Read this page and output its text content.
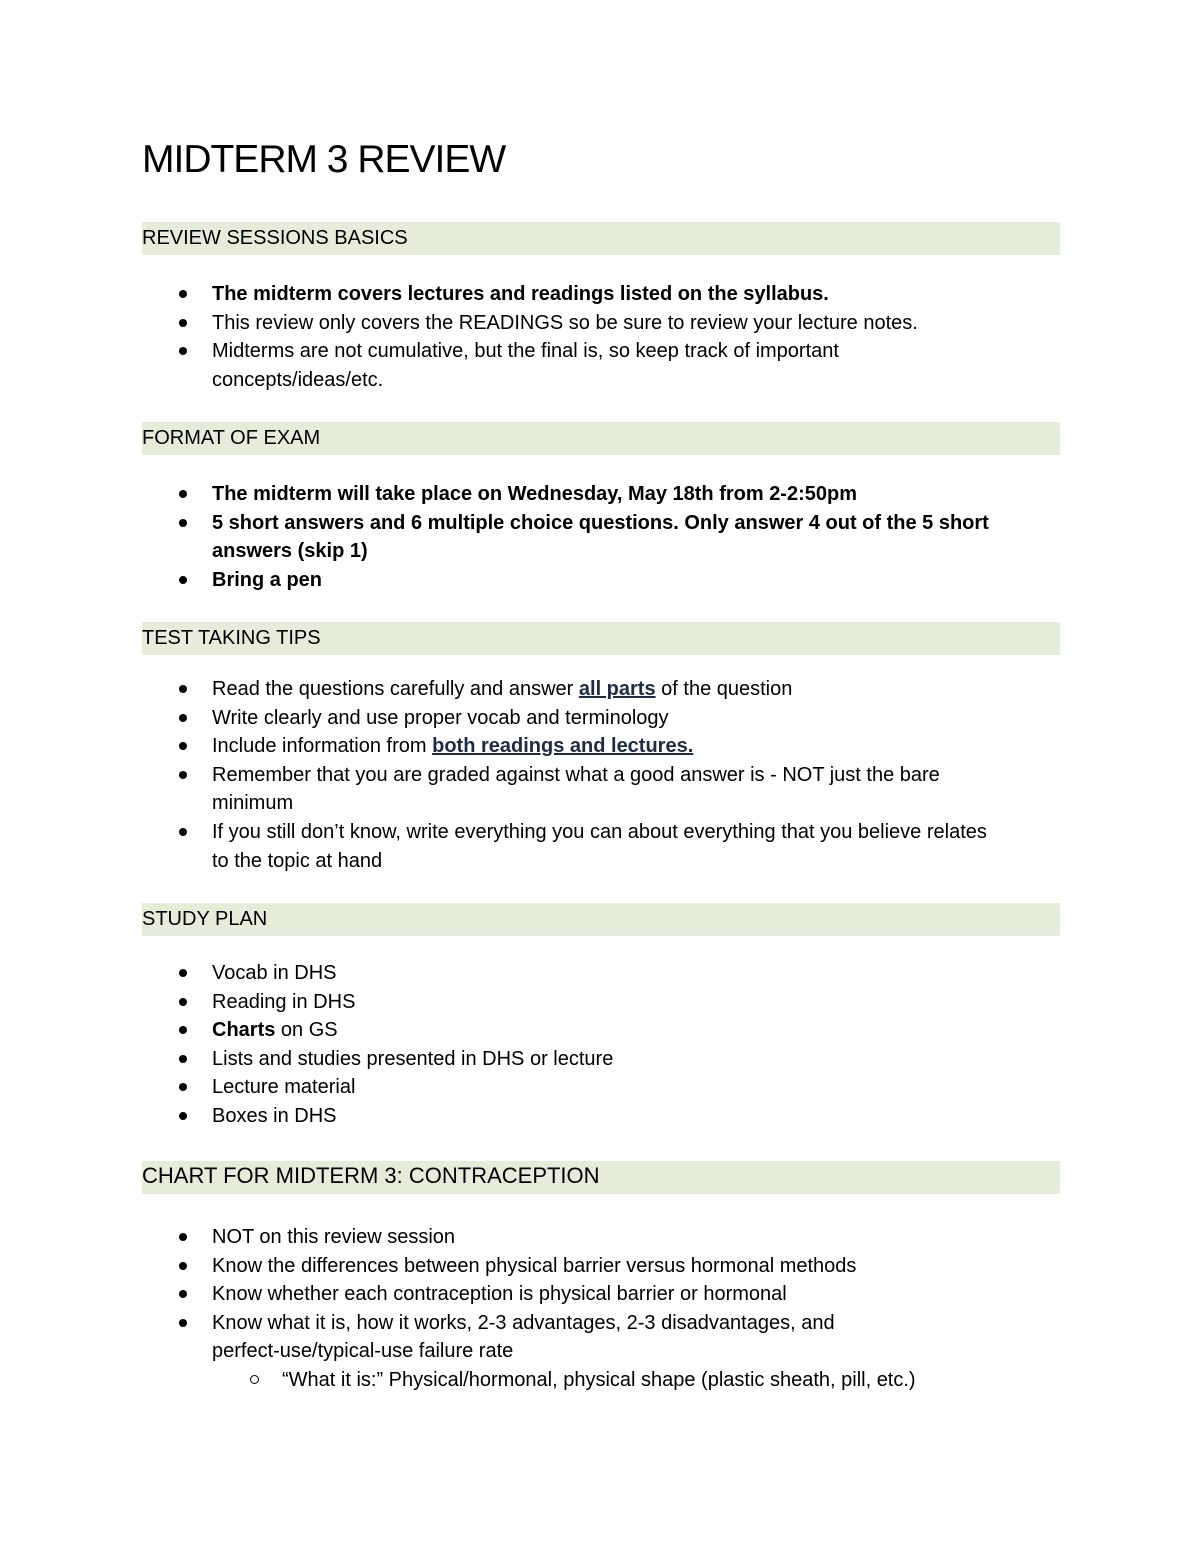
MIDTERM 3 REVIEW
REVIEW SESSIONS BASICS
The midterm covers lectures and readings listed on the syllabus.
This review only covers the READINGS so be sure to review your lecture notes.
Midterms are not cumulative, but the final is, so keep track of important
concepts/ideas/etc.
FORMAT OF EXAM
The midterm will take place on Wednesday, May 18th from 2-2:50pm
5 short answers and 6 multiple choice questions. Only answer 4 out of the 5 short
answers (skip 1)
Bring a pen
TEST TAKING TIPS
Read the questions carefully and answer all parts of the question
Write clearly and use proper vocab and terminology
Include information from both readings and lectures.
Remember that you are graded against what a good answer is - NOT just the bare
minimum
If you still don’t know, write everything you can about everything that you believe relates
to the topic at hand
STUDY PLAN
Vocab in DHS
Reading in DHS
Charts on GS
Lists and studies presented in DHS or lecture
Lecture material
Boxes in DHS
CHART FOR MIDTERM 3: CONTRACEPTION
NOT on this review session
Know the differences between physical barrier versus hormonal methods
Know whether each contraception is physical barrier or hormonal
Know what it is, how it works, 2-3 advantages, 2-3 disadvantages, and
perfect-use/typical-use failure rate
“What it is:” Physical/hormonal, physical shape (plastic sheath, pill, etc.)
